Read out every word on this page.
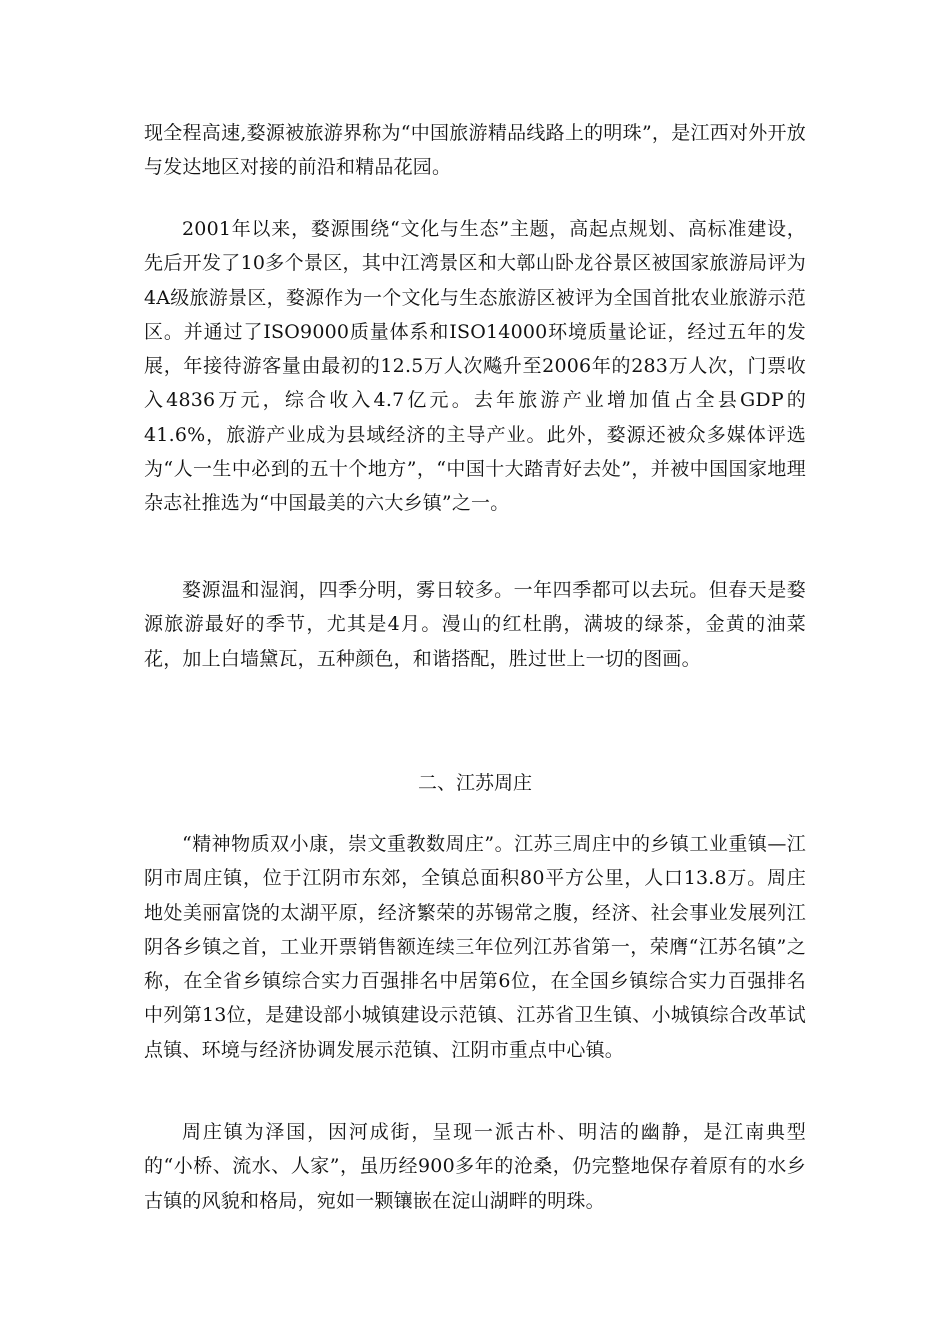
现全程高速,婺源被旅游界称为“中国旅游精品线路上的明珠”，是江西对外开放与发达地区对接的前沿和精品花园。

2001年以来，婺源围绕“文化与生态”主题，高起点规划、高标准建设，先后开发了10多个景区，其中江湾景区和大鄣山卧龙谷景区被国家旅游局评为4A级旅游景区，婺源作为一个文化与生态旅游区被评为全国首批农业旅游示范区。并通过了ISO9000质量体系和ISO14000环境质量论证，经过五年的发展，年接待游客量由最初的12.5万人次飚升至2006年的283万人次，门票收入4836万元，综合收入4.7亿元。去年旅游产业增加值占全县GDP的41.6%，旅游产业成为县域经济的主导产业。此外，婺源还被众多媒体评选为“人一生中必到的五十个地方”，“中国十大踏青好去处”，并被中国国家地理杂志社推选为“中国最美的六大乡镇”之一。

婺源温和湿润，四季分明，雾日较多。一年四季都可以去玩。但春天是婺源旅游最好的季节，尤其是4月。漫山的红杜鹃，满坡的绿茶，金黄的油菜花，加上白墙黛瓦，五种颜色，和谐搭配，胜过世上一切的图画。

二、江苏周庄

“精神物质双小康，崇文重教数周庄”。江苏三周庄中的乡镇工业重镇—江阴市周庄镇，位于江阴市东郊，全镇总面积80平方公里，人口13.8万。周庄地处美丽富饶的太湖平原，经济繁荣的苏锡常之腹，经济、社会事业发展列江阴各乡镇之首，工业开票销售额连续三年位列江苏省第一，荣膺“江苏名镇”之称，在全省乡镇综合实力百强排名中居第6位，在全国乡镇综合实力百强排名中列第13位，是建设部小城镇建设示范镇、江苏省卫生镇、小城镇综合改革试点镇、环境与经济协调发展示范镇、江阴市重点中心镇。

周庄镇为泽国，因河成街，呈现一派古朴、明洁的幽静，是江南典型的“小桥、流水、人家”，虽历经900多年的沧桑，仍完整地保存着原有的水乡古镇的风貌和格局，宛如一颗镶嵌在淀山湖畔的明珠。
